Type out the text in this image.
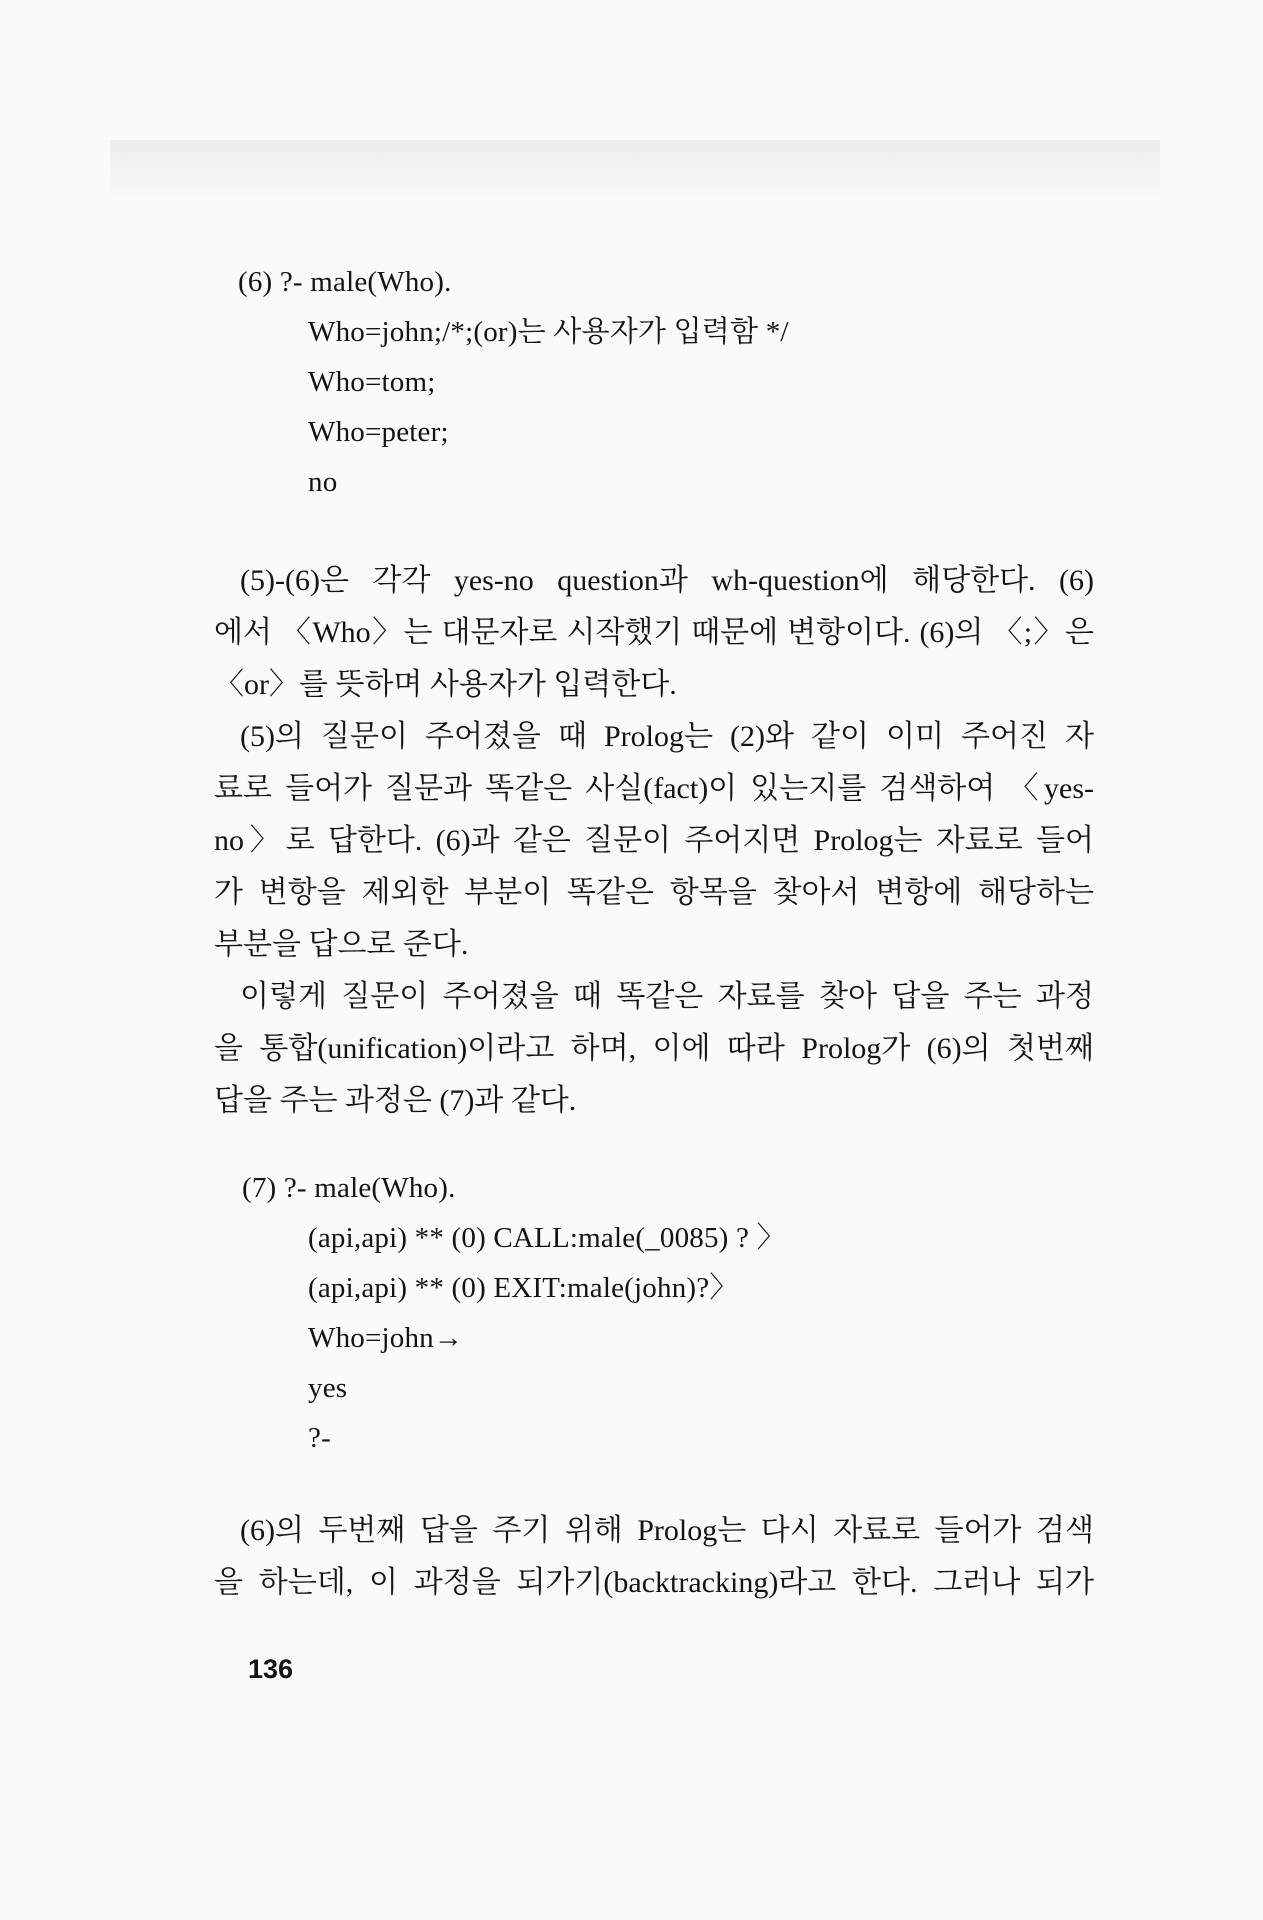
(6) ?- male(Who).
Who=john;/*;(or)는 사용자가 입력함 */
Who=tom;
Who=peter;
no
(5)-(6)은 각각 yes-no question과 wh-question에 해당한다. (6)
에서 〈Who〉는 대문자로 시작했기 때문에 변항이다. (6)의 〈;〉은
〈or〉를 뜻하며 사용자가 입력한다.
(5)의 질문이 주어졌을 때 Prolog는 (2)와 같이 이미 주어진 자
료로 들어가 질문과 똑같은 사실(fact)이 있는지를 검색하여 〈yes-
no〉로 답한다. (6)과 같은 질문이 주어지면 Prolog는 자료로 들어
가 변항을 제외한 부분이 똑같은 항목을 찾아서 변항에 해당하는
부분을 답으로 준다.
이렇게 질문이 주어졌을 때 똑같은 자료를 찾아 답을 주는 과정
을 통합(unification)이라고 하며, 이에 따라 Prolog가 (6)의 첫번째
답을 주는 과정은 (7)과 같다.
(7) ?- male(Who).
(api,api) ** (0) CALL:male(_0085) ? 〉
(api,api) ** (0) EXIT:male(john)?〉
Who=john→
yes
?-
(6)의 두번째 답을 주기 위해 Prolog는 다시 자료로 들어가 검색
을 하는데, 이 과정을 되가기(backtracking)라고 한다. 그러나 되가
136
